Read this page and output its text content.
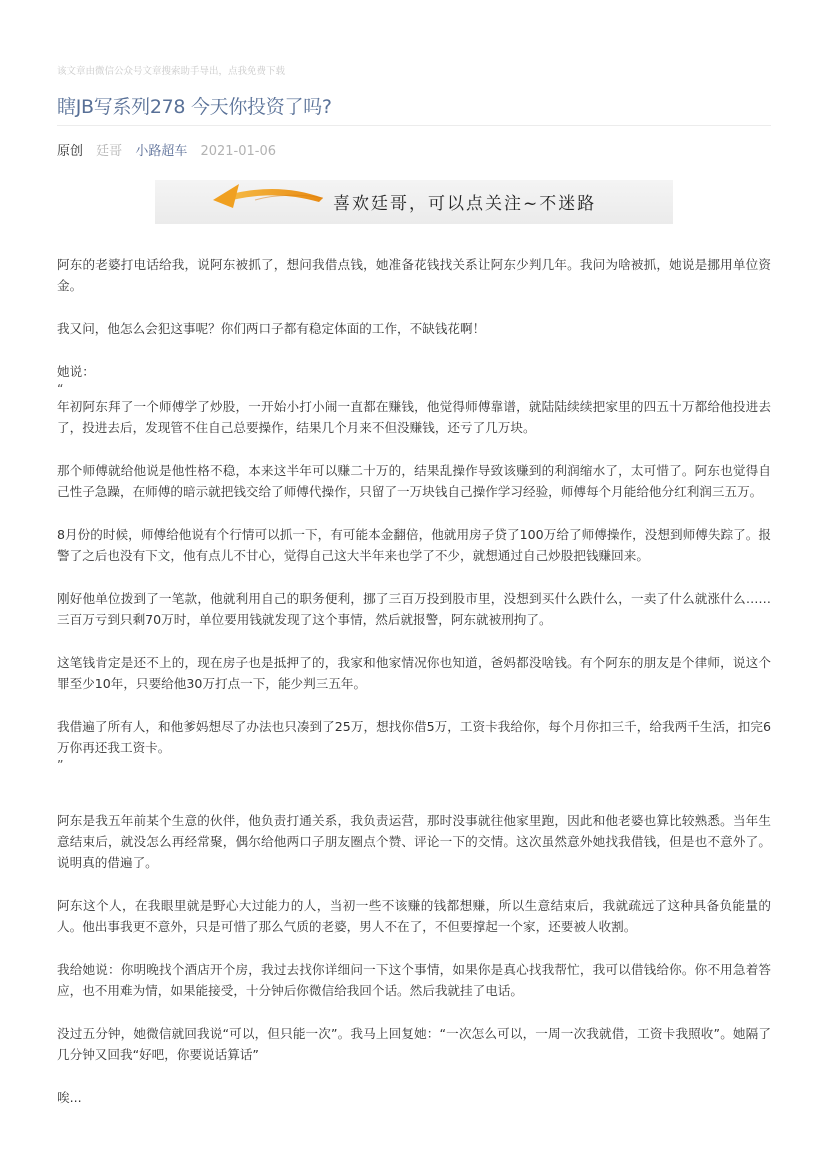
该文章由微信公众号文章搜索助手导出，点我免费下载
瞎JB写系列278 今天你投资了吗?
原创 廷哥 小路超车 2021-01-06
喜欢廷哥，可以点关注~不迷路

阿东的老婆打电话给我，说阿东被抓了，想问我借点钱，她准备花钱找关系让阿东少判几年。我问为啥被抓，她说是挪用单位资金。

我又问，他怎么会犯这事呢？你们两口子都有稳定体面的工作，不缺钱花啊！

她说：

“

年初阿东拜了一个师傅学了炒股，一开始小打小闹一直都在赚钱，他觉得师傅靠谱，就陆陆续续把家里的四五十万都给他投进去了，投进去后，发现管不住自己总要操作，结果几个月来不但没赚钱，还亏了几万块。

那个师傅就给他说是他性格不稳，本来这半年可以赚二十万的，结果乱操作导致该赚到的利润缩水了，太可惜了。阿东也觉得自己性子急躁，在师傅的暗示就把钱交给了师傅代操作，只留了一万块钱自己操作学习经验，师傅每个月能给他分红利润三五万。

8月份的时候，师傅给他说有个行情可以抓一下，有可能本金翻倍，他就用房子贷了100万给了师傅操作，没想到师傅失踪了。报警了之后也没有下文，他有点儿不甘心，觉得自己这大半年来也学了不少，就想通过自己炒股把钱赚回来。

刚好他单位拨到了一笔款，他就利用自己的职务便利，挪了三百万投到股市里，没想到买什么跌什么，一卖了什么就涨什么……三百万亏到只剩70万时，单位要用钱就发现了这个事情，然后就报警，阿东就被刑拘了。

这笔钱肯定是还不上的，现在房子也是抵押了的，我家和他家情况你也知道，爸妈都没啥钱。有个阿东的朋友是个律师，说这个罪至少10年，只要给他30万打点一下，能少判三五年。

我借遍了所有人，和他爹妈想尽了办法也只凑到了25万，想找你借5万，工资卡我给你，每个月你扣三千，给我两千生活，扣完6万你再还我工资卡。

”

阿东是我五年前某个生意的伙伴，他负责打通关系，我负责运营，那时没事就往他家里跑，因此和他老婆也算比较熟悉。当年生意结束后，就没怎么再经常聚，偶尔给他两口子朋友圈点个赞、评论一下的交情。这次虽然意外她找我借钱，但是也不意外了。说明真的借遍了。

阿东这个人，在我眼里就是野心大过能力的人，当初一些不该赚的钱都想赚，所以生意结束后，我就疏远了这种具备负能量的人。他出事我更不意外，只是可惜了那么气质的老婆，男人不在了，不但要撑起一个家，还要被人收割。

我给她说：你明晚找个酒店开个房，我过去找你详细问一下这个事情，如果你是真心找我帮忙，我可以借钱给你。你不用急着答应，也不用难为情，如果能接受，十分钟后你微信给我回个话。然后我就挂了电话。

没过五分钟，她微信就回我说“可以，但只能一次”。我马上回复她：“一次怎么可以，一周一次我就借，工资卡我照收”。她隔了几分钟又回我“好吧，你要说话算话”

唉...
